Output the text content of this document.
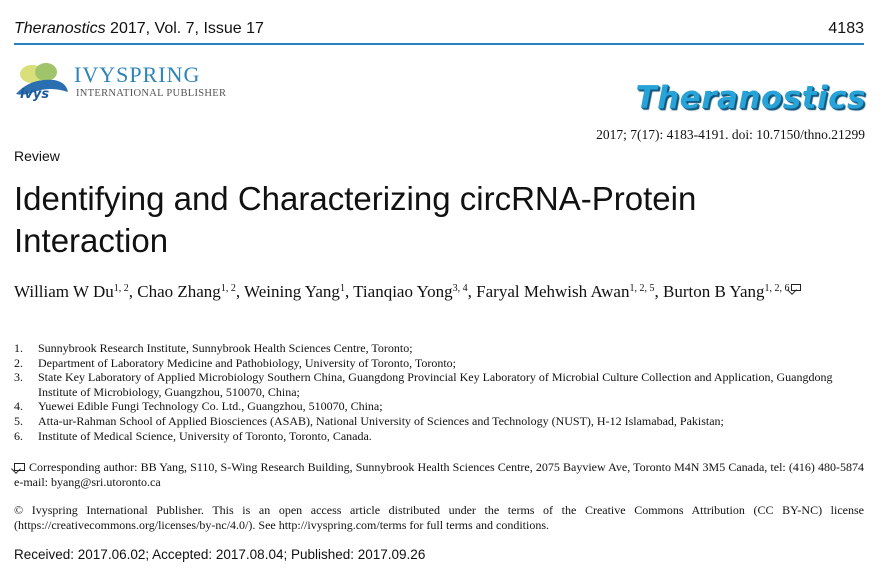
Theranostics 2017, Vol. 7, Issue 17	4183
ivys
IVYSPRING
INTERNATIONAL PUBLISHER	Theranostics
2017; 7(17): 4183-4191. doi: 10.7150/thno.21299
Review
Identifying and Characterizing circRNA-Protein
Interaction
William W Du$^{1, 2}$, Chao Zhang$^{1, 2}$, Weining Yang$^1$, Tianqiao Yong$^{3, 4}$, Faryal Mehwish Awan$^{1, 2, 5}$, Burton B Yang$^{1, 2, 6}$
1. Sunnybrook Research Institute, Sunnybrook Health Sciences Centre, Toronto;
2. Department of Laboratory Medicine and Pathobiology, University of Toronto, Toronto;
3. State Key Laboratory of Applied Microbiology Southern China, Guangdong Provincial Key Laboratory of Microbial Culture Collection and Application, Guangdong Institute of Microbiology, Guangzhou, 510070, China;
4. Yuewei Edible Fungi Technology Co. Ltd., Guangzhou, 510070, China;
5. Atta-ur-Rahman School of Applied Biosciences (ASAB), National University of Sciences and Technology (NUST), H-12 Islamabad, Pakistan;
6. Institute of Medical Science, University of Toronto, Toronto, Canada.
Corresponding author: BB Yang, S110, S-Wing Research Building, Sunnybrook Health Sciences Centre, 2075 Bayview Ave, Toronto M4N 3M5 Canada, tel: (416) 480-5874 e-mail: byang@sri.utoronto.ca
© Ivyspring International Publisher. This is an open access article distributed under the terms of the Creative Commons Attribution (CC BY-NC) license (https://creativecommons.org/licenses/by-nc/4.0/). See http://ivyspring.com/terms for full terms and conditions.
Received: 2017.06.02; Accepted: 2017.08.04; Published: 2017.09.26
